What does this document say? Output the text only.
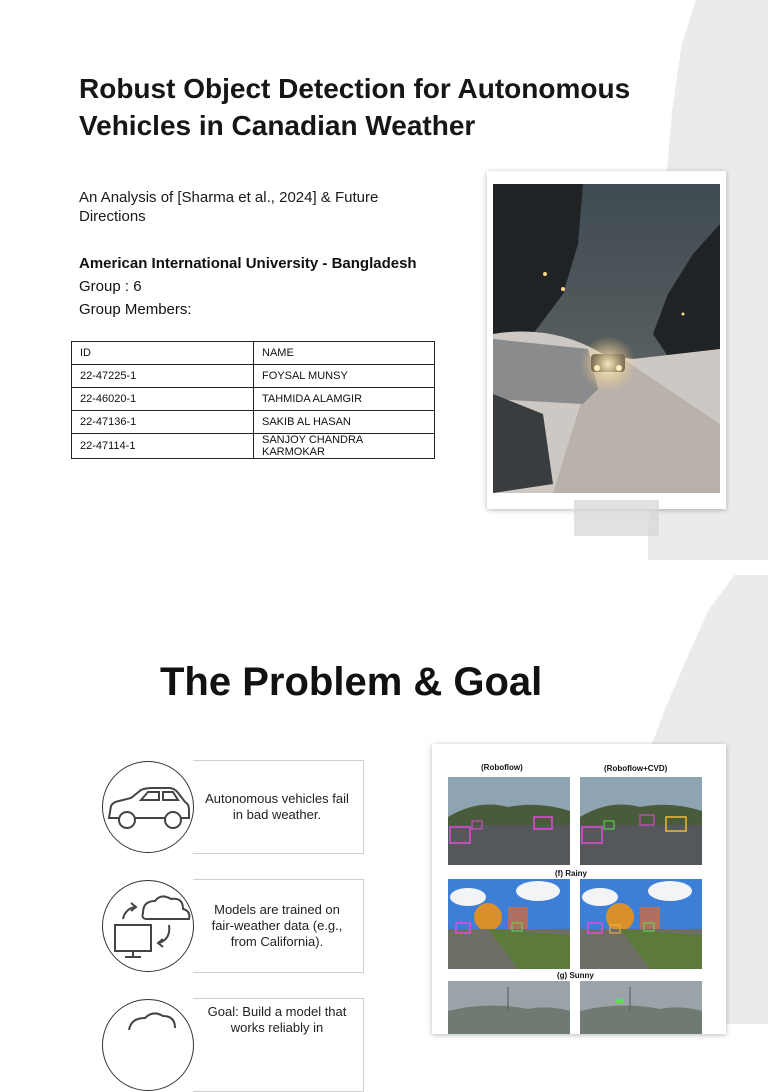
Robust Object Detection for Autonomous Vehicles in Canadian Weather

An Analysis of [Sharma et al., 2024] & Future Directions

American International University - Bangladesh

Group : 6

Group Members:

ID	NAME
22-47225-1	FOYSAL MUNSY
22-46020-1	TAHMIDA ALAMGIR
22-47136-1	SAKIB AL HASAN
22-47114-1	SANJOY CHANDRA KARMOKAR
The Problem & Goal
Autonomous vehicles fail in bad weather.
Models are trained on fair-weather data (e.g., from California).
Goal: Build a model that works reliably in
(Roboflow)	(Roboflow+CVD)
(f) Rainy
(g) Sunny
